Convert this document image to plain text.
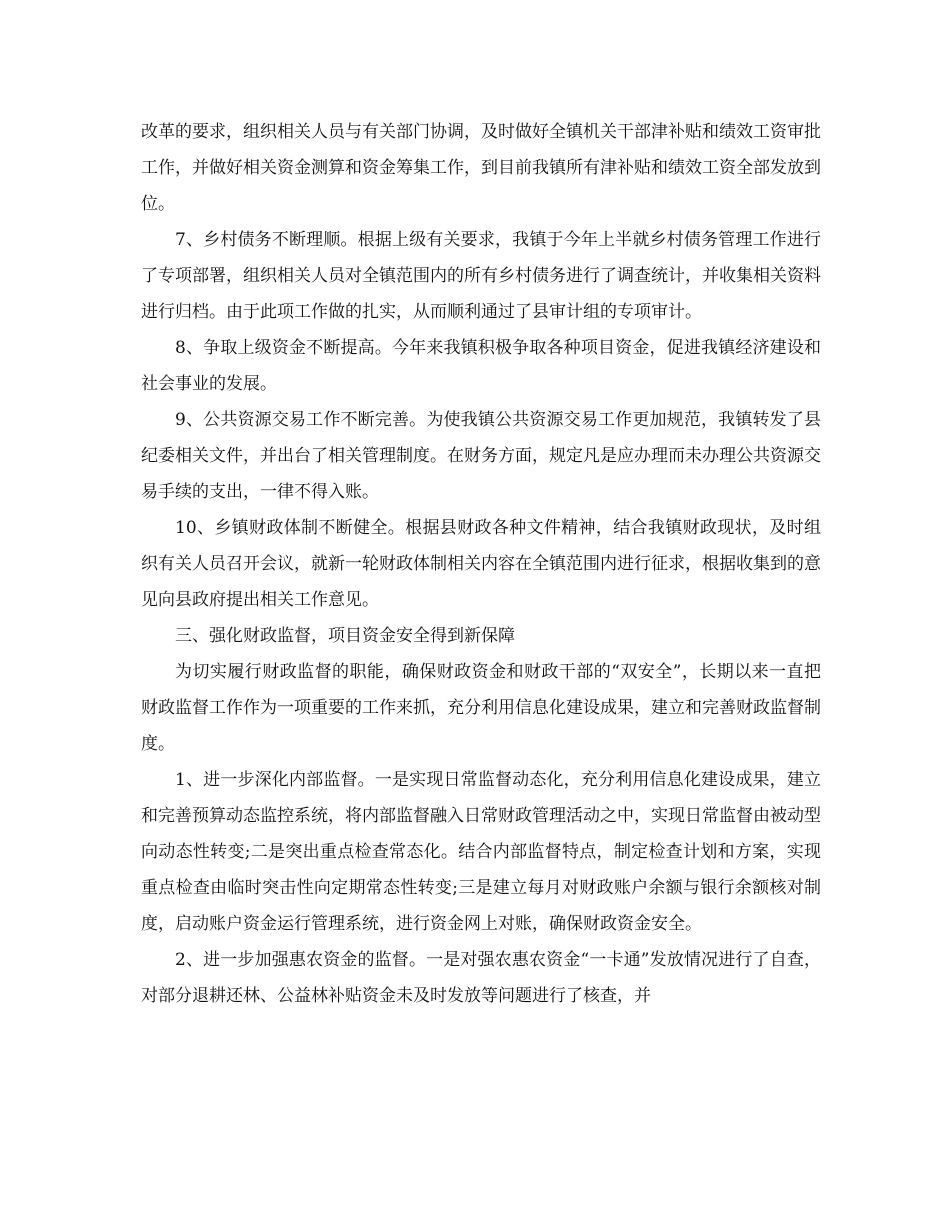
改革的要求，组织相关人员与有关部门协调，及时做好全镇机关干部津补贴和绩效工资审批工作，并做好相关资金测算和资金筹集工作，到目前我镇所有津补贴和绩效工资全部发放到位。

7、乡村债务不断理顺。根据上级有关要求，我镇于今年上半就乡村债务管理工作进行了专项部署，组织相关人员对全镇范围内的所有乡村债务进行了调查统计，并收集相关资料进行归档。由于此项工作做的扎实，从而顺利通过了县审计组的专项审计。

8、争取上级资金不断提高。今年来我镇积极争取各种项目资金，促进我镇经济建设和社会事业的发展。

9、公共资源交易工作不断完善。为使我镇公共资源交易工作更加规范，我镇转发了县纪委相关文件，并出台了相关管理制度。在财务方面，规定凡是应办理而未办理公共资源交易手续的支出，一律不得入账。

10、乡镇财政体制不断健全。根据县财政各种文件精神，结合我镇财政现状，及时组织有关人员召开会议，就新一轮财政体制相关内容在全镇范围内进行征求，根据收集到的意见向县政府提出相关工作意见。

三、强化财政监督，项目资金安全得到新保障

为切实履行财政监督的职能，确保财政资金和财政干部的“双安全”，长期以来一直把财政监督工作作为一项重要的工作来抓，充分利用信息化建设成果，建立和完善财政监督制度。

1、进一步深化内部监督。一是实现日常监督动态化，充分利用信息化建设成果，建立和完善预算动态监控系统，将内部监督融入日常财政管理活动之中，实现日常监督由被动型向动态性转变;二是突出重点检查常态化。结合内部监督特点，制定检查计划和方案，实现重点检查由临时突击性向定期常态性转变;三是建立每月对财政账户余额与银行余额核对制度，启动账户资金运行管理系统，进行资金网上对账，确保财政资金安全。

2、进一步加强惠农资金的监督。一是对强农惠农资金“一卡通”发放情况进行了自查，对部分退耕还林、公益林补贴资金未及时发放等问题进行了核查，并
